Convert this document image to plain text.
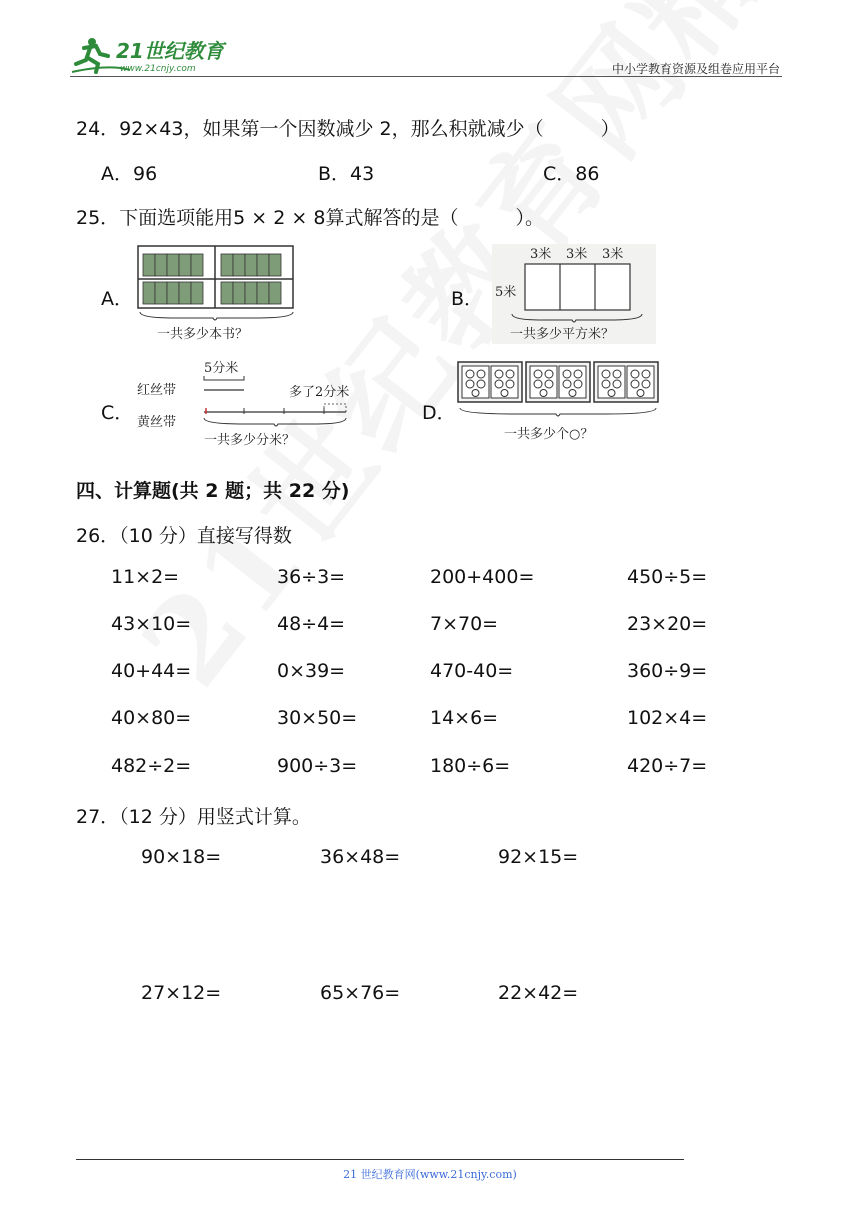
21世纪教育
www.21cnjy.com	中小学教育资源及组卷应用平台
24．92×43，如果第一个因数减少 2，那么积就减少（　　　）
A．96	B．43	C．86
25．下面选项能用5 × 2 × 8算式解答的是（　　　）。
A．
一共多少本书？
B．
3米 3米 3米
5米
一共多少平方米？
C．
5分米
红丝带	多了2分米
黄丝带
一共多少分米？
D．
一共多少个○？
四、计算题(共 2 题；共 22 分)
26．（10 分）直接写得数
11×2=	36÷3=	200+400=	450÷5=
43×10=	48÷4=	7×70=	23×20=
40+44=	0×39=	470-40=	360÷9=
40×80=	30×50=	14×6=	102×4=
482÷2=	900÷3=	180÷6=	420÷7=
27．（12 分）用竖式计算。
90×18=	36×48=	92×15=
27×12=	65×76=	22×42=
21 世纪教育网(www.21cnjy.com)
